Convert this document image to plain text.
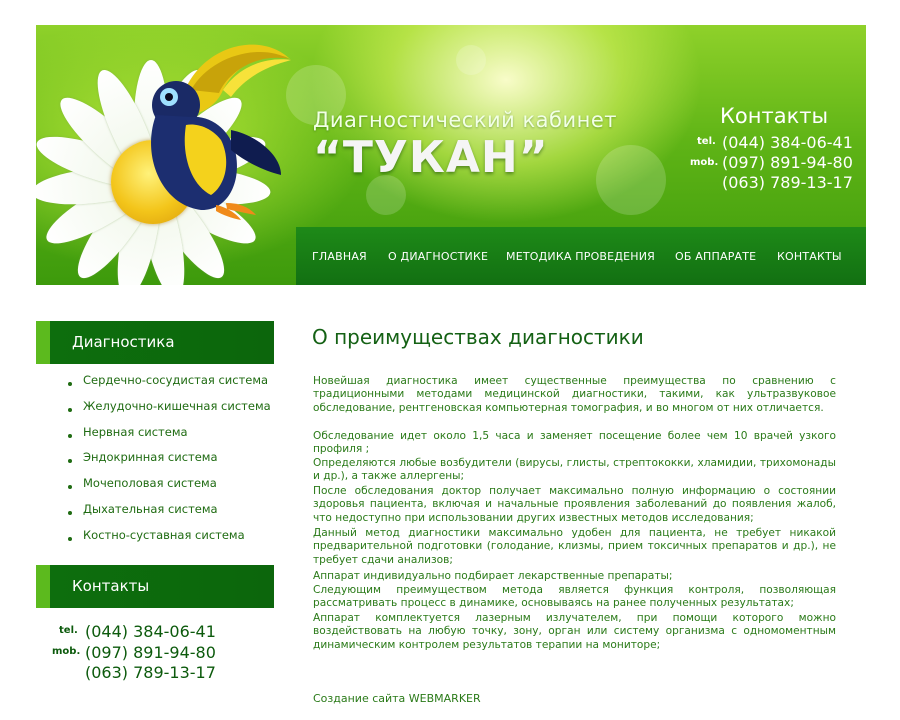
Диагностический кабинет
“ТУКАН”
Контакты
tel. (044) 384-06-41
mob. (097) 891-94-80
(063) 789-13-17
ГЛАВНАЯ О ДИАГНОСТИКЕ МЕТОДИКА ПРОВЕДЕНИЯ ОБ АППАРАТЕ КОНТАКТЫ
Диагностика
Сердечно-сосудистая система
Желудочно-кишечная система
Нервная система
Эндокринная система
Мочеполовая система
Дыхательная система
Костно-суставная система
Контакты
tel. (044) 384-06-41
mob. (097) 891-94-80
(063) 789-13-17
О преимуществах диагностики

Новейшая диагностика имеет существенные преимущества по сравнению с традиционными методами медицинской диагностики, такими, как ультразвуковое обследование, рентгеновская компьютерная томография, и во многом от них отличается.

Обследование идет около 1,5 часа и заменяет посещение более чем 10 врачей узкого профиля ;

Определяются любые возбудители (вирусы, глисты, стрептококки, хламидии, трихомонады и др.), а также аллергены;

После обследования доктор получает максимально полную информацию о состоянии здоровья пациента, включая и начальные проявления заболеваний до появления жалоб, что недоступно при использовании других известных методов исследования;

Данный метод диагностики максимально удобен для пациента, не требует никакой предварительной подготовки (голодание, клизмы, прием токсичных препаратов и др.), не требует сдачи анализов;

Аппарат индивидуально подбирает лекарственные препараты;

Следующим преимуществом метода является функция контроля, позволяющая рассматривать процесс в динамике, основываясь на ранее полученных результатах;

Аппарат комплектуется лазерным излучателем, при помощи которого можно воздействовать на любую точку, зону, орган или систему организма с одномоментным динамическим контролем результатов терапии на мониторе;

Создание сайта WEBMARKER
